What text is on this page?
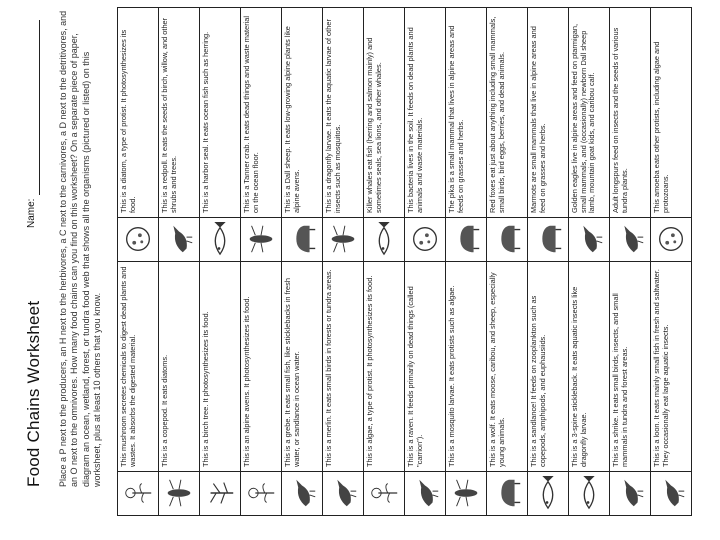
Food Chains Worksheet
Name: Place a P next to the producers, an H next to the herbivores, a C next to the carnivores, a D next to the detritivores, and an O next to the omnivores. How many food chains can you find on this worksheet? On a separate piece of paper, diagram an ocean, wetland, forest, or tundra food web that shows all the organisms (pictured or listed) on this worksheet, plus at least 10 others that you know. This mushroom secretes chemicals to digest dead plants and wastes. It absorbs the digested material.
This is a diatom, a type of protist. It photosynthesizes its food.
This is a copepod. It eats diatoms.
This is a redpoll. It eats the seeds of birch, willow, and other shrubs and trees.
This is a birch tree. It photosynthesizes its food.
This is a harbor seal. It eats ocean fish such as herring.
This is an alpine avens. It photosynthesizes its food.
This is a Tanner crab. It eats dead things and waste material on the ocean floor.
This is a grebe. It eats small fish, like sticklebacks in fresh water, or sandlance in ocean water.
This is a Dall sheep. It eats low-growing alpine plants like alpine avens.
This is a merlin. It eats small birds in forests or tundra areas.
This is a dragonfly larvae. It eats the aquatic larvae of other insects such as mosquitos.
This is algae, a type of protist. It photosynthesizes its food.
Killer whales eat fish (herring and salmon mainly) and sometimes seals, sea lions, and other whales.
This is a raven. It feeds primarily on dead things (called "carrion").
This bacteria lives in the soil. It feeds on dead plants and animals and waste materials.
This is a mosquito larvae. It eats protists such as algae.
The pika is a small mammal that lives in alpine areas and feeds on grasses and herbs.
This is a wolf. It eats moose, caribou, and sheep, especially young animals.
Red foxes eat just about anything including small mammals, small birds, bird eggs, berries, and dead animals.
This is a sandlance! It feeds on zooplankton such as copepods, amphipods, and euphausiids.
Marmots are small mammals that live in alpine areas and feed on grasses and herbs.
This is a 3-spine stickleback. It eats aquatic insects like dragonfly larvae.
Golden eagles live in alpine areas and feed on ptarmigan, small mammals, and (occasionally) newborn Dall sheep lamb, mountain goat kids, and caribou calf.
This is a shrike. It eats small birds, insects, and small mammals in tundra and forest areas.
Adult longspurs feed on insects and the seeds of various tundra plants.
This is a loon. It eats mainly small fish in fresh and saltwater. They occasionally eat large aquatic insects.
This amoeba eats other protists, including algae and protozoans.
